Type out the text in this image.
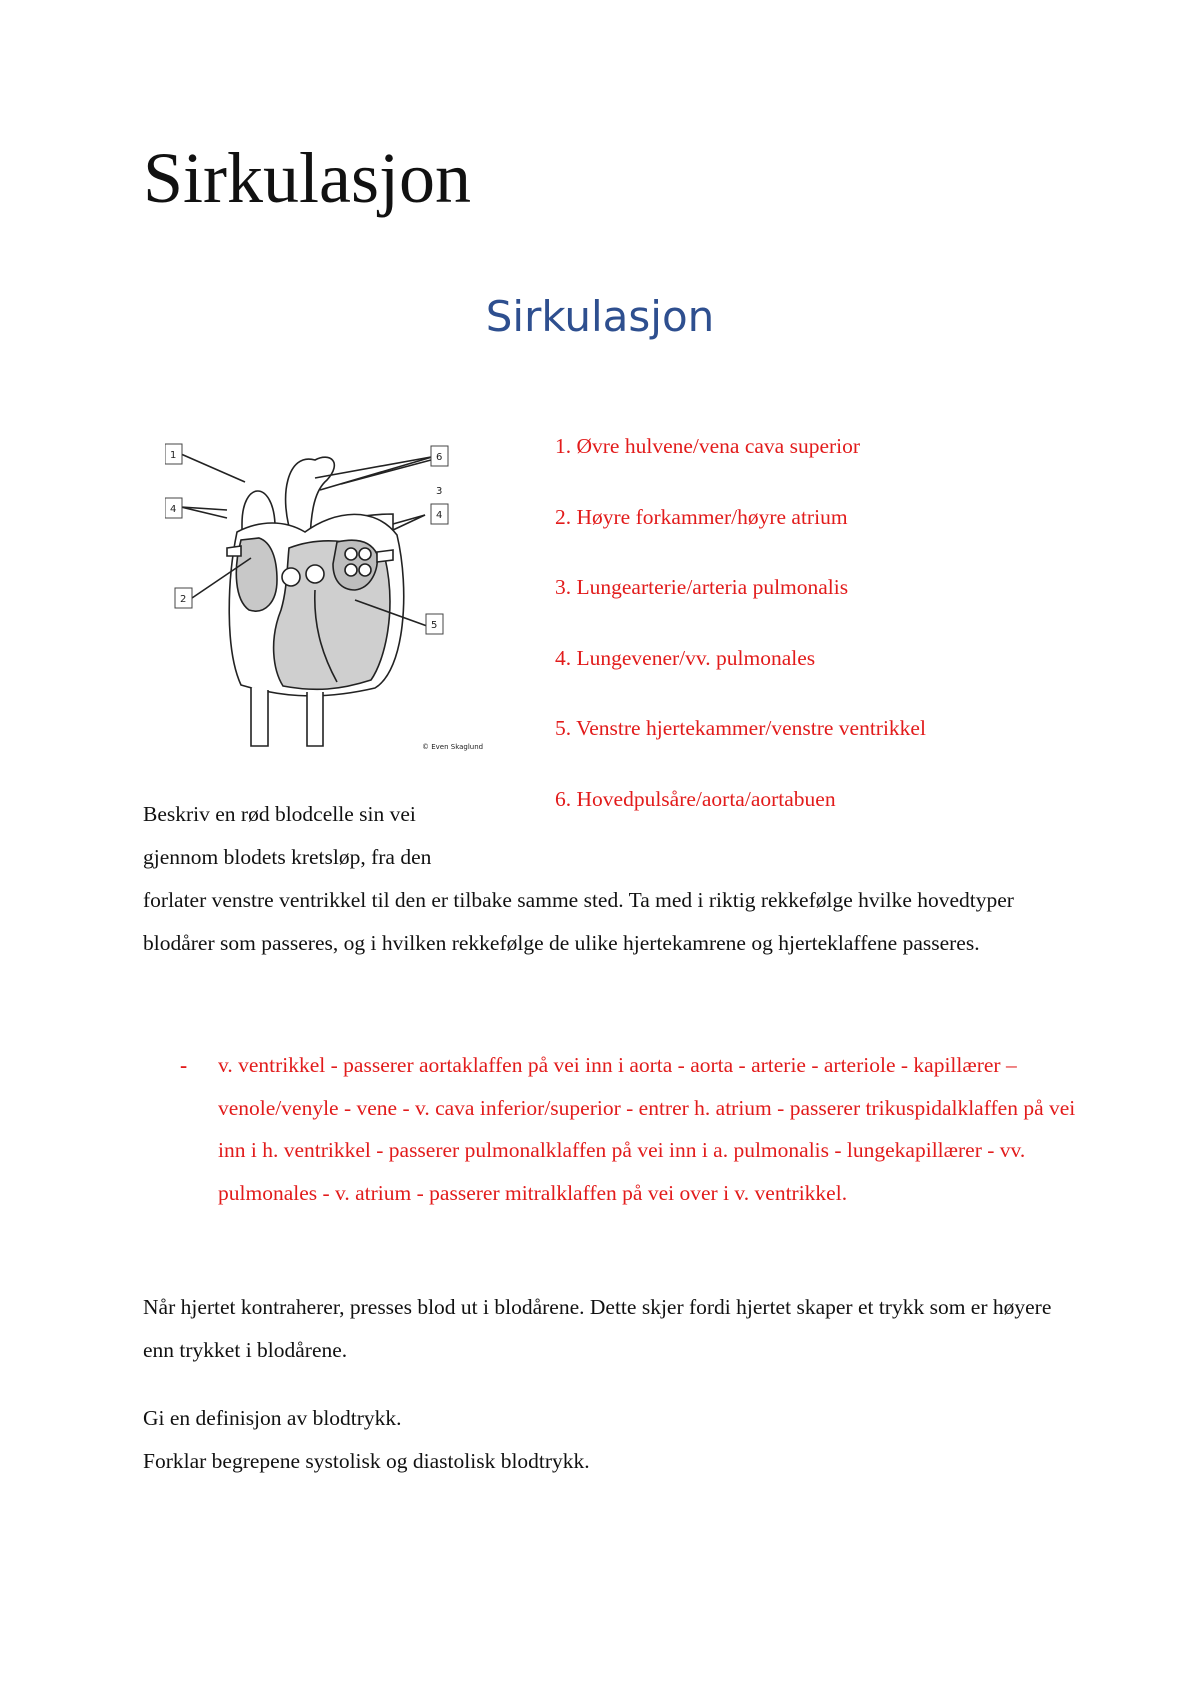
Sirkulasjon
Sirkulasjon
1
2
3
4
4
5
6
© Even Skaglund
1. Øvre hulvene/vena cava superior
2. Høyre forkammer/høyre atrium
3. Lungearterie/arteria pulmonalis
4. Lungevener/vv. pulmonales
5. Venstre hjertekammer/venstre ventrikkel
6. Hovedpulsåre/aorta/aortabuen

Beskriv en rød blodcelle sin vei

gjennom blodets kretsløp, fra den

forlater venstre ventrikkel til den er tilbake samme sted. Ta med i riktig rekkefølge hvilke hovedtyper blodårer som passeres, og i hvilken rekkefølge de ulike hjertekamrene og hjerteklaffene passeres.

- v. ventrikkel - passerer aortaklaffen på vei inn i aorta - aorta - arterie - arteriole - kapillærer – venole/venyle - vene - v. cava inferior/superior - entrer h. atrium - passerer trikuspidalklaffen på vei inn i h. ventrikkel - passerer pulmonalklaffen på vei inn i a. pulmonalis - lungekapillærer - vv. pulmonales - v. atrium - passerer mitralklaffen på vei over i v. ventrikkel.

Når hjertet kontraherer, presses blod ut i blodårene. Dette skjer fordi hjertet skaper et trykk som er høyere enn trykket i blodårene.

Gi en definisjon av blodtrykk.

Forklar begrepene systolisk og diastolisk blodtrykk.
